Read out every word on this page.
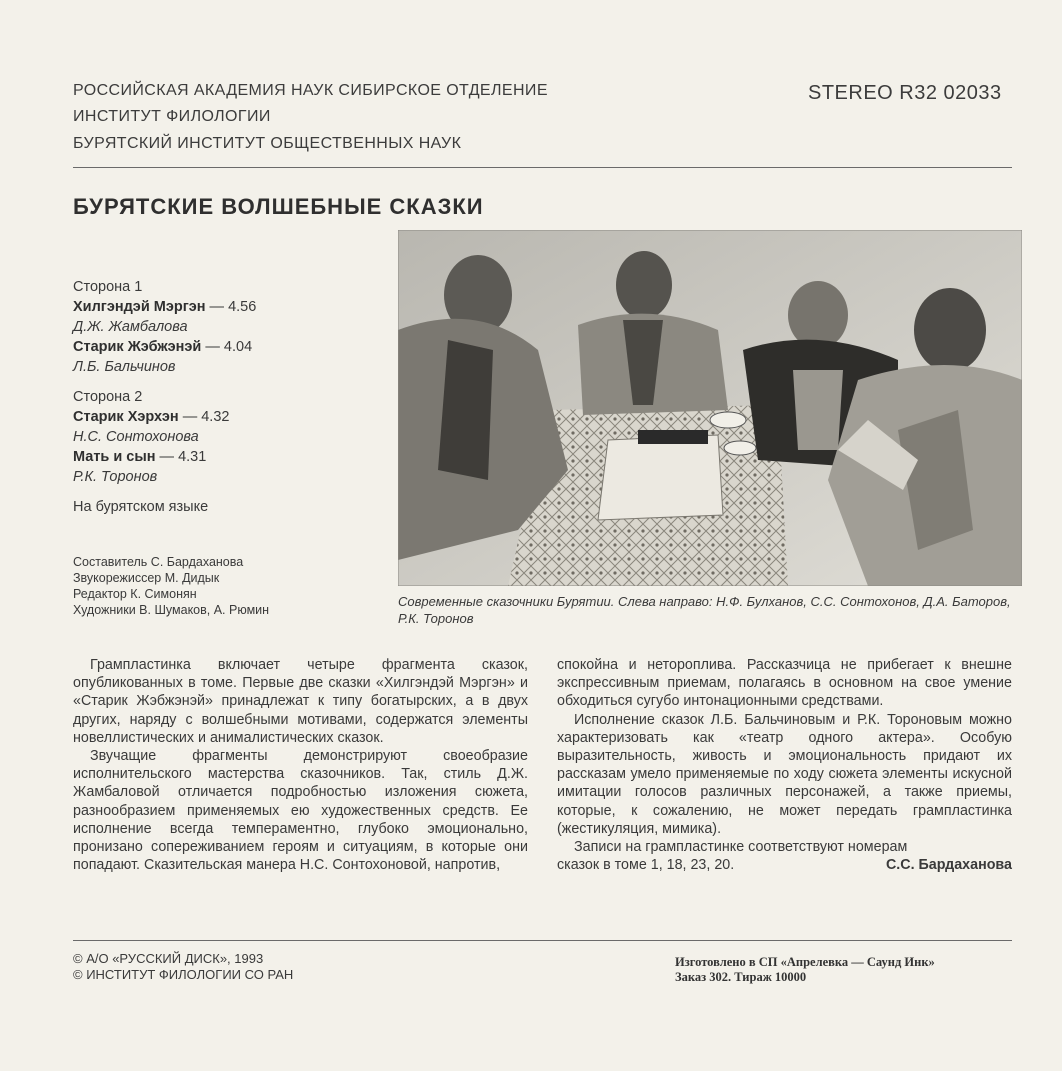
РОССИЙСКАЯ АКАДЕМИЯ НАУК СИБИРСКОЕ ОТДЕЛЕНИЕ
ИНСТИТУТ ФИЛОЛОГИИ
БУРЯТСКИЙ ИНСТИТУТ ОБЩЕСТВЕННЫХ НАУК
STEREO R32 02033
БУРЯТСКИЕ ВОЛШЕБНЫЕ СКАЗКИ
Сторона 1
Хилгэндэй Мэргэн — 4.56
Д.Ж. Жамбалова
Старик Жэбжэнэй — 4.04
Л.Б. Бальчинов
Сторона 2
Старик Хэрхэн — 4.32
Н.С. Сонтохонова
Мать и сын — 4.31
Р.К. Торонов
На бурятском языке
Составитель С. Бардаханова
Звукорежиссер М. Дидык
Редактор К. Симонян
Художники В. Шумаков, А. Рюмин
Современные сказочники Бурятии. Слева направо: Н.Ф. Булханов, С.С. Сонтохонов, Д.А. Баторов, Р.К. Торонов

Грампластинка включает четыре фрагмента сказок, опубликованных в томе. Первые две сказки «Хилгэндэй Мэргэн» и «Старик Жэбжэнэй» принадлежат к типу богатырских, а в двух других, наряду с волшебными мотивами, содержатся элементы новеллистических и анималистических сказок.

Звучащие фрагменты демонстрируют своеобразие исполнительского мастерства сказочников. Так, стиль Д.Ж. Жамбаловой отличается подробностью изложения сюжета, разнообразием применяемых ею художественных средств. Ее исполнение всегда темпераментно, глубоко эмоционально, пронизано сопереживанием героям и ситуациям, в которые они попадают. Сказительская манера Н.С. Сонтохоновой, напротив,

спокойна и нетороплива. Рассказчица не прибегает к внешне экспрессивным приемам, полагаясь в основном на свое умение обходиться сугубо интонационными средствами.

Исполнение сказок Л.Б. Бальчиновым и Р.К. Тороновым можно характеризовать как «театр одного актера». Особую выразительность, живость и эмоциональность придают их рассказам умело применяемые по ходу сюжета элементы искусной имитации голосов различных персонажей, а также приемы, которые, к сожалению, не может передать грампластинка (жестикуляция, мимика).

Записи на грампластинке соответствуют номерам

сказок в томе 1, 18, 23, 20.	С.С. Бардаханова
© А/О «РУССКИЙ ДИСК», 1993
© ИНСТИТУТ ФИЛОЛОГИИ СО РАН
Изготовлено в СП «Апрелевка — Саунд Инк»
Заказ 302. Тираж 10000
